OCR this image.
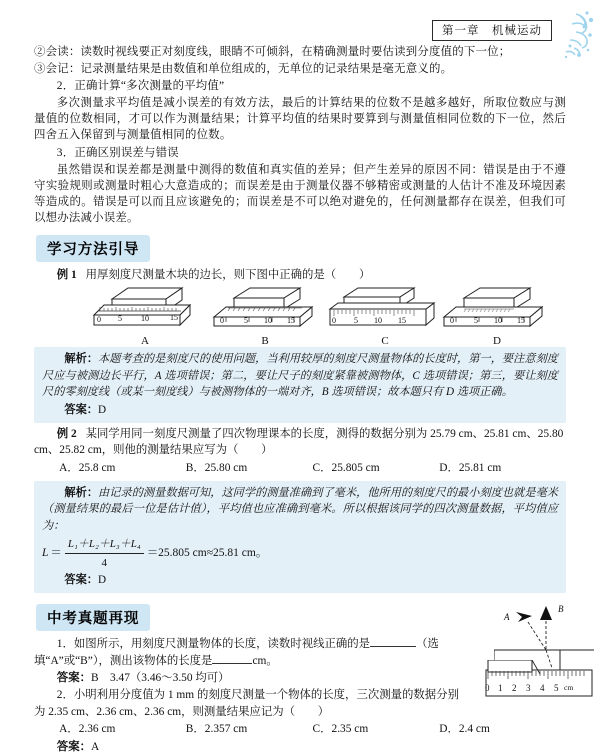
第一章　机械运动

②会读：读数时视线要正对刻度线，眼睛不可倾斜，在精确测量时要估读到分度值的下一位；

③会记：记录测量结果是由数值和单位组成的，无单位的记录结果是毫无意义的。

2．正确计算“多次测量的平均值”

多次测量求平均值是减小误差的有效方法，最后的计算结果的位数不是越多越好，所取位数应与测量值的位数相同，才可以作为测量结果；计算平均值的结果时要算到与测量值相同位数的下一位，然后四舍五入保留到与测量值相同的位数。

3．正确区别误差与错误

虽然错误和误差都是测量中测得的数值和真实值的差异；但产生差异的原因不同：错误是由于不遵守实验规则或测量时粗心大意造成的；而误差是由于测量仪器不够精密或测量的人估计不准及环境因素等造成的。错误是可以而且应该避免的；而误差是不可以绝对避免的，任何测量都存在误差，但我们可以想办法减小误差。

学习方法引导

例 1 用厚刻度尺测量木块的边长，则下图中正确的是（　　）

0 5 10	15
A
0	5 10 15
B
0 5 10 15
C
0	5 10 15
D
解析：本题考查的是刻度尺的使用问题，当利用较厚的刻度尺测量物体的长度时，第一，要注意刻度尺应与被测边长平行，A 选项错误；第二，要让尺子的刻度紧靠被测物体，C 选项错误；第三，要让刻度尺的零刻度线（或某一刻度线）与被测物体的一端对齐，B 选项错误；故本题只有 D 选项正确。
答案：D

例 2 某同学用同一刻度尺测量了四次物理课本的长度，测得的数据分别为 25.79 cm、25.81 cm、25.80 cm、25.82 cm，则他的测量结果应写为（　　）

A．25.8 cm	B．25.80 cm	C．25.805 cm	D．25.81 cm
解析：由记录的测量数据可知，这同学的测量准确到了毫米，他所用的刻度尺的最小刻度也就是毫米（测量结果的最后一位是估计值），平均值也应准确到毫米。所以根据该同学的四次测量数据，平均值应为：
$L = \frac{\text{L₁＋L₂＋L₃＋L₄}}{4} =25.805$ cm≈25.81 cm。
答案：D
中考真题再现

1．如图所示，用刻度尺测量物体的长度，读数时视线正确的是	（选填“A”或“B”），测出该物体的长度是	cm。

答案：B　3.47（3.46～3.50 均可）

2．小明利用分度值为 1 mm 的刻度尺测量一个物体的长度，三次测量的数据分别为 2.35 cm、2.36 cm、2.36 cm，则测量结果应记为（　　）

A．2.36 cm	B．2.357 cm	C．2.35 cm	D．2.4 cm

答案：A

A
B
0 1 2 3 4 5 cm
